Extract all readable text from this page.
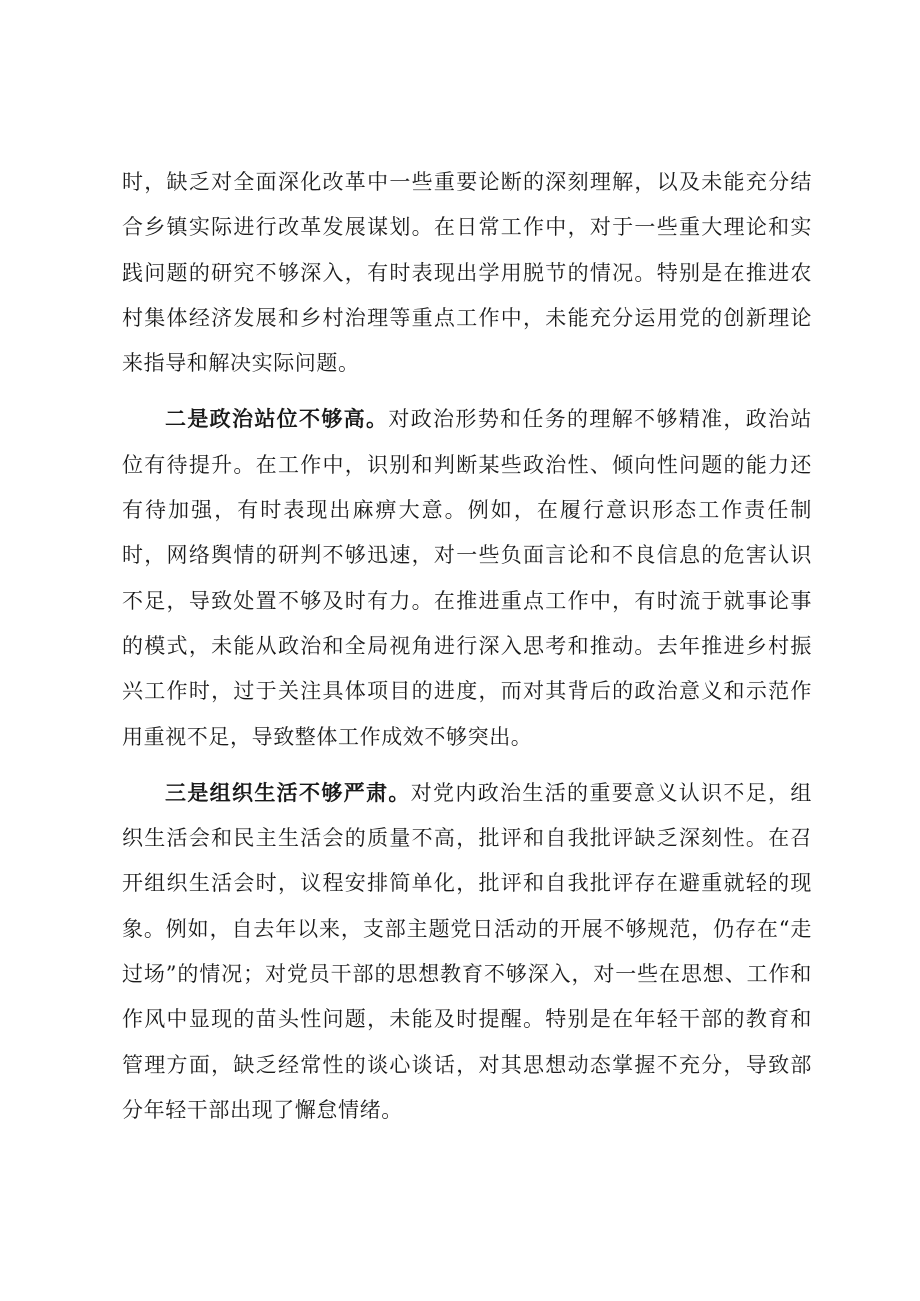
时，缺乏对全面深化改革中一些重要论断的深刻理解，以及未能充分结合乡镇实际进行改革发展谋划。在日常工作中，对于一些重大理论和实践问题的研究不够深入，有时表现出学用脱节的情况。特别是在推进农村集体经济发展和乡村治理等重点工作中，未能充分运用党的创新理论来指导和解决实际问题。

二是政治站位不够高。对政治形势和任务的理解不够精准，政治站位有待提升。在工作中，识别和判断某些政治性、倾向性问题的能力还有待加强，有时表现出麻痹大意。例如，在履行意识形态工作责任制时，网络舆情的研判不够迅速，对一些负面言论和不良信息的危害认识不足，导致处置不够及时有力。在推进重点工作中，有时流于就事论事的模式，未能从政治和全局视角进行深入思考和推动。去年推进乡村振兴工作时，过于关注具体项目的进度，而对其背后的政治意义和示范作用重视不足，导致整体工作成效不够突出。

三是组织生活不够严肃。对党内政治生活的重要意义认识不足，组织生活会和民主生活会的质量不高，批评和自我批评缺乏深刻性。在召开组织生活会时，议程安排简单化，批评和自我批评存在避重就轻的现象。例如，自去年以来，支部主题党日活动的开展不够规范，仍存在“走过场”的情况；对党员干部的思想教育不够深入，对一些在思想、工作和作风中显现的苗头性问题，未能及时提醒。特别是在年轻干部的教育和管理方面，缺乏经常性的谈心谈话，对其思想动态掌握不充分，导致部分年轻干部出现了懈怠情绪。
